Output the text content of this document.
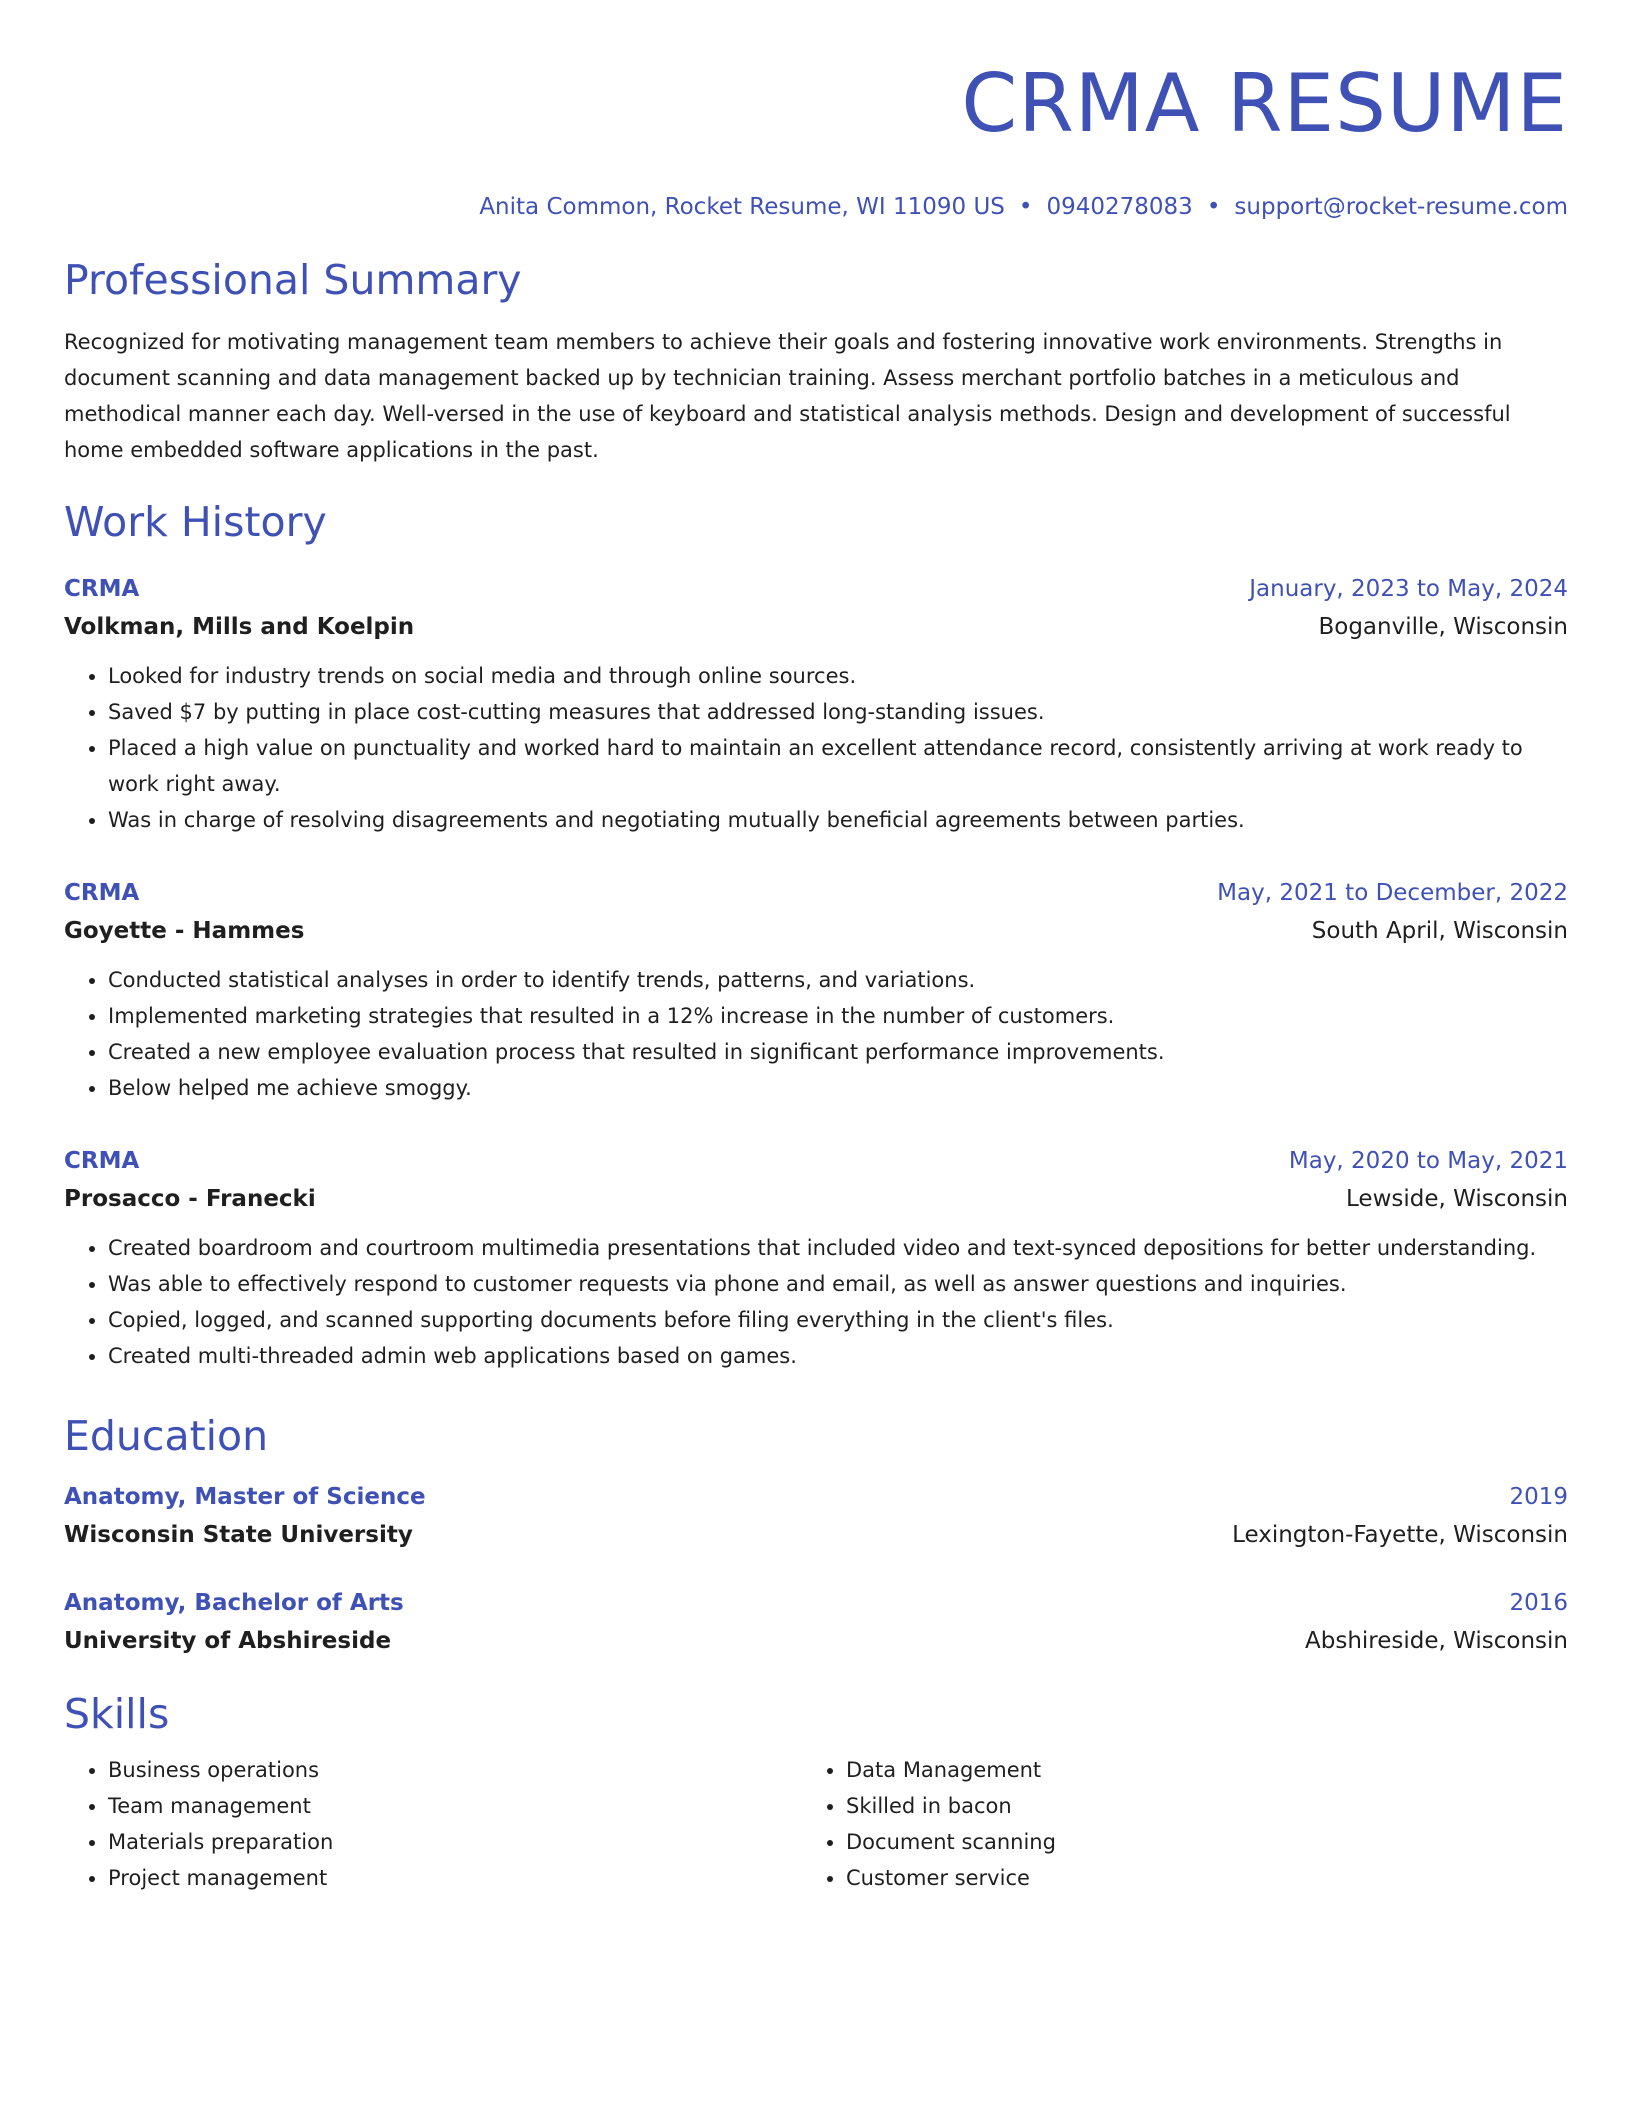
CRMA RESUME
Anita Common, Rocket Resume, WI 11090 US • 0940278083 • support@rocket-resume.com
Professional Summary
Recognized for motivating management team members to achieve their goals and fostering innovative work environments. Strengths in document scanning and data management backed up by technician training. Assess merchant portfolio batches in a meticulous and methodical manner each day. Well-versed in the use of keyboard and statistical analysis methods. Design and development of successful home embedded software applications in the past.
Work History
CRMA	January, 2023 to May, 2024
Volkman, Mills and Koelpin	Boganville, Wisconsin
• Looked for industry trends on social media and through online sources.
• Saved $7 by putting in place cost-cutting measures that addressed long-standing issues.
• Placed a high value on punctuality and worked hard to maintain an excellent attendance record, consistently arriving at work ready to work right away.
• Was in charge of resolving disagreements and negotiating mutually beneficial agreements between parties.
CRMA	May, 2021 to December, 2022
Goyette - Hammes	South April, Wisconsin
• Conducted statistical analyses in order to identify trends, patterns, and variations.
• Implemented marketing strategies that resulted in a 12% increase in the number of customers.
• Created a new employee evaluation process that resulted in significant performance improvements.
• Below helped me achieve smoggy.
CRMA	May, 2020 to May, 2021
Prosacco - Franecki	Lewside, Wisconsin
• Created boardroom and courtroom multimedia presentations that included video and text-synced depositions for better understanding.
• Was able to effectively respond to customer requests via phone and email, as well as answer questions and inquiries.
• Copied, logged, and scanned supporting documents before filing everything in the client's files.
• Created multi-threaded admin web applications based on games.
Education
Anatomy, Master of Science	2019
Wisconsin State University	Lexington-Fayette, Wisconsin
Anatomy, Bachelor of Arts	2016
University of Abshireside	Abshireside, Wisconsin
Skills
• Business operations
• Team management
• Materials preparation
• Project management
• Data Management
• Skilled in bacon
• Document scanning
• Customer service
